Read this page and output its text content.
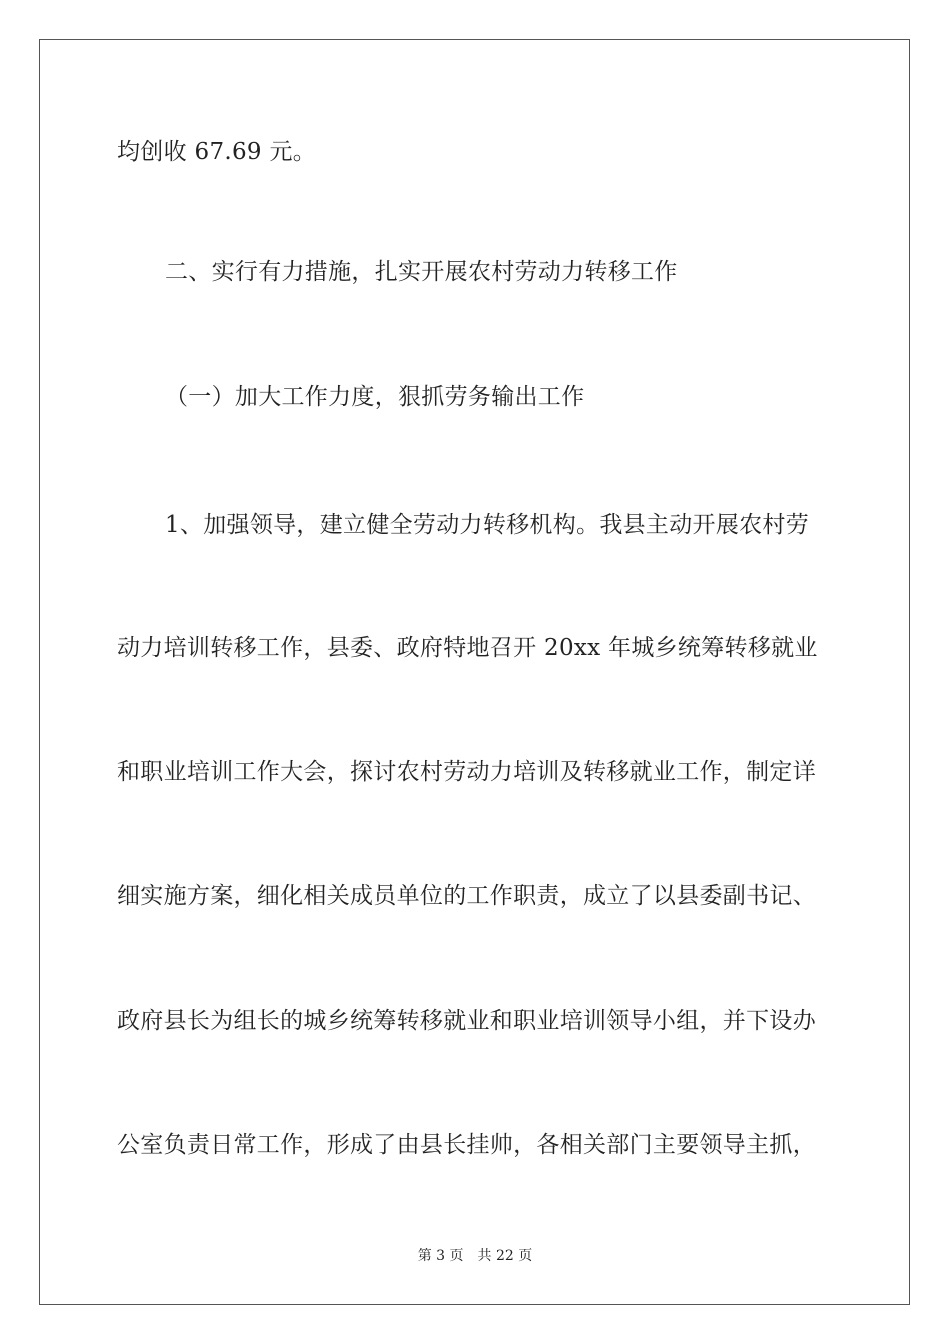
均创收 67.69 元。
二、实行有力措施，扎实开展农村劳动力转移工作
（一）加大工作力度，狠抓劳务输出工作
1、加强领导，建立健全劳动力转移机构。我县主动开展农村劳
动力培训转移工作，县委、政府特地召开 20xx 年城乡统筹转移就业
和职业培训工作大会，探讨农村劳动力培训及转移就业工作，制定详
细实施方案，细化相关成员单位的工作职责，成立了以县委副书记、
政府县长为组长的城乡统筹转移就业和职业培训领导小组，并下设办
公室负责日常工作，形成了由县长挂帅，各相关部门主要领导主抓，
第 3 页 共 22 页
